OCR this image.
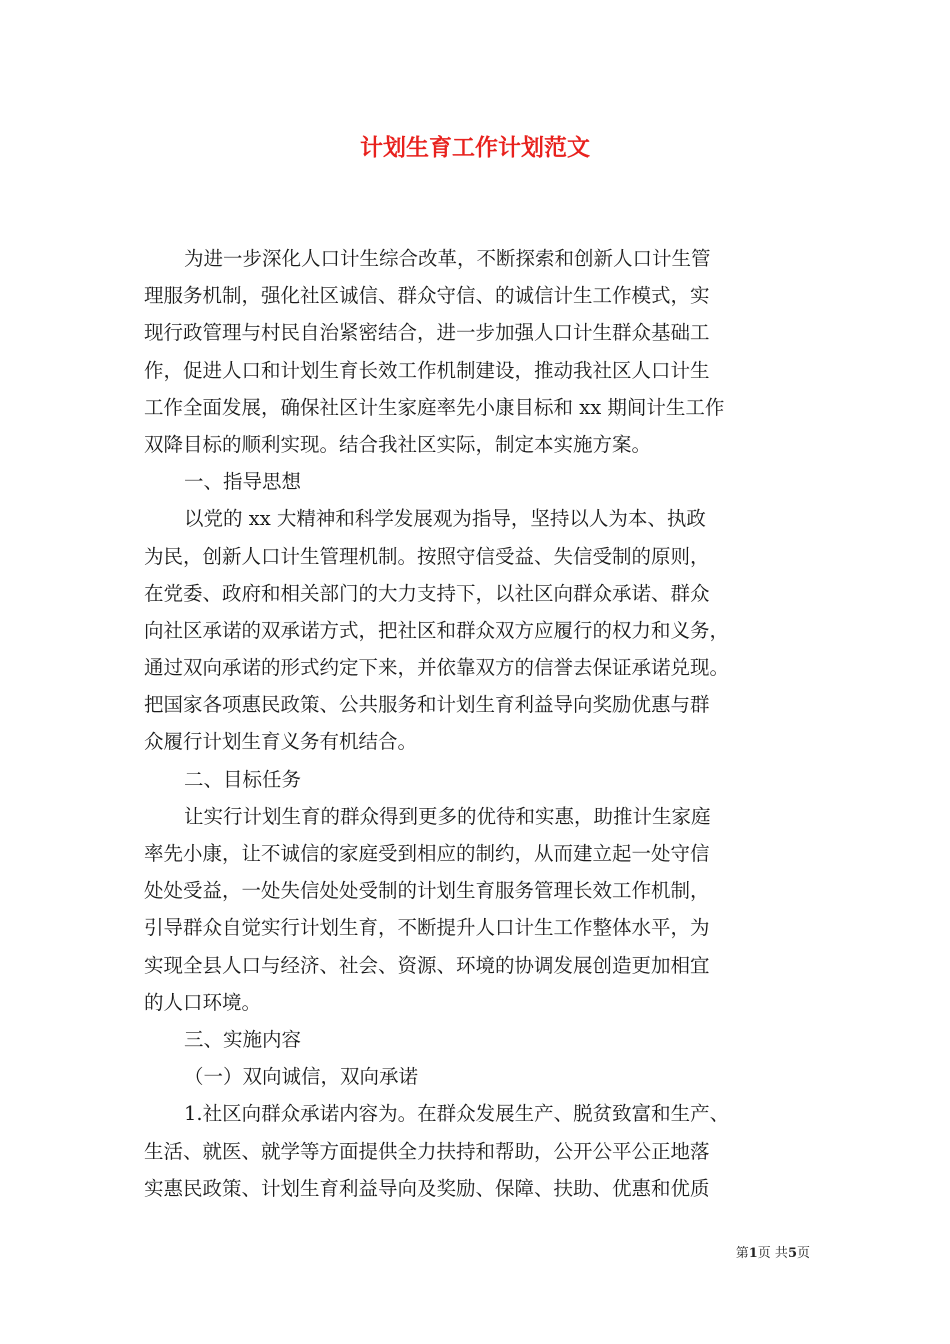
计划生育工作计划范文
为进一步深化人口计生综合改革，不断探索和创新人口计生管
理服务机制，强化社区诚信、群众守信、的诚信计生工作模式，实
现行政管理与村民自治紧密结合，进一步加强人口计生群众基础工
作，促进人口和计划生育长效工作机制建设，推动我社区人口计生
工作全面发展，确保社区计生家庭率先小康目标和 xx 期间计生工作
双降目标的顺利实现。结合我社区实际，制定本实施方案。
一、指导思想
以党的 xx 大精神和科学发展观为指导，坚持以人为本、执政
为民，创新人口计生管理机制。按照守信受益、失信受制的原则，
在党委、政府和相关部门的大力支持下，以社区向群众承诺、群众
向社区承诺的双承诺方式，把社区和群众双方应履行的权力和义务，
通过双向承诺的形式约定下来，并依靠双方的信誉去保证承诺兑现。
把国家各项惠民政策、公共服务和计划生育利益导向奖励优惠与群
众履行计划生育义务有机结合。
二、目标任务
让实行计划生育的群众得到更多的优待和实惠，助推计生家庭
率先小康，让不诚信的家庭受到相应的制约，从而建立起一处守信
处处受益，一处失信处处受制的计划生育服务管理长效工作机制，
引导群众自觉实行计划生育，不断提升人口计生工作整体水平，为
实现全县人口与经济、社会、资源、环境的协调发展创造更加相宜
的人口环境。
三、实施内容
（一）双向诚信，双向承诺
1.社区向群众承诺内容为。在群众发展生产、脱贫致富和生产、
生活、就医、就学等方面提供全力扶持和帮助，公开公平公正地落
实惠民政策、计划生育利益导向及奖励、保障、扶助、优惠和优质
第1页 共5页
